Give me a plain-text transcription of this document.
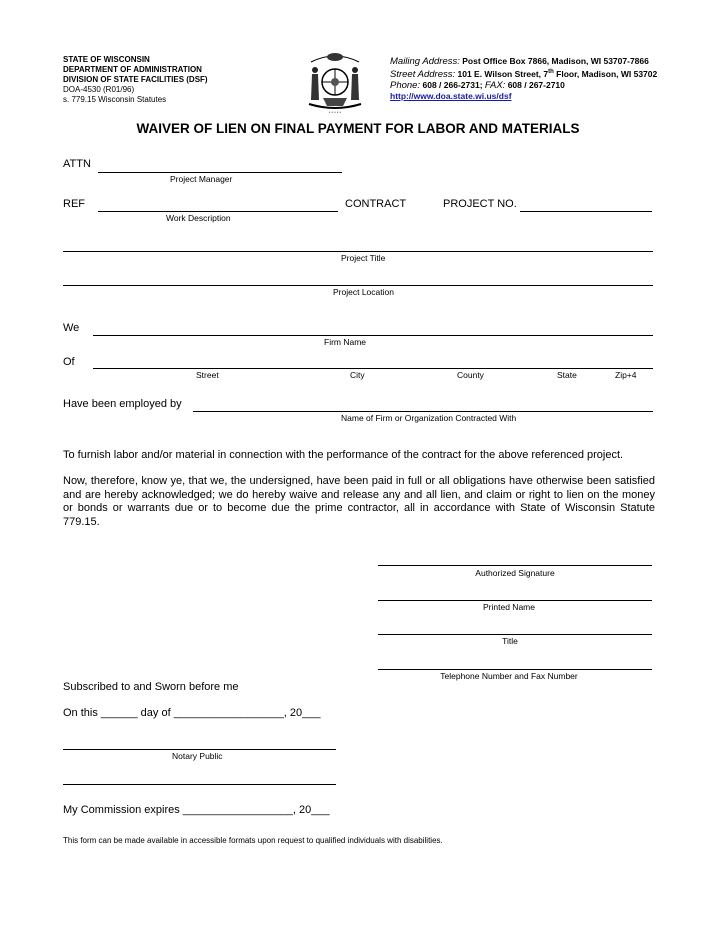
STATE OF WISCONSIN
DEPARTMENT OF ADMINISTRATION
DIVISION OF STATE FACILITIES (DSF)
DOA-4530 (R01/96)
s. 779.15 Wisconsin Statutes
* * * * *
Mailing Address: Post Office Box 7866, Madison, WI 53707-7866
Street Address: 101 E. Wilson Street, 7th Floor, Madison, WI 53702
Phone: 608 / 266-2731; FAX: 608 / 267-2710
http://www.doa.state.wi.us/dsf
WAIVER OF LIEN ON FINAL PAYMENT FOR LABOR AND MATERIALS
ATTN
Project Manager
REF
Work Description
CONTRACT	PROJECT NO.
Project Title
Project Location
We
Firm Name
Of
Street	City	County	State	Zip+4
Have been employed by
Name of Firm or Organization Contracted With
To furnish labor and/or material in connection with the performance of the contract for the above referenced project.
Now, therefore, know ye, that we, the undersigned, have been paid in full or all obligations have otherwise been satisfied and are hereby acknowledged; we do hereby waive and release any and all lien, and claim or right to lien on the money or bonds or warrants due or to become due the prime contractor, all in accordance with State of Wisconsin Statute 779.15.
Authorized Signature
Printed Name
Title
Telephone Number and Fax Number
Subscribed to and Sworn before me
On this ______ day of __________________, 20___
Notary Public
My Commission expires __________________, 20___
This form can be made available in accessible formats upon request to qualified individuals with disabilities.
